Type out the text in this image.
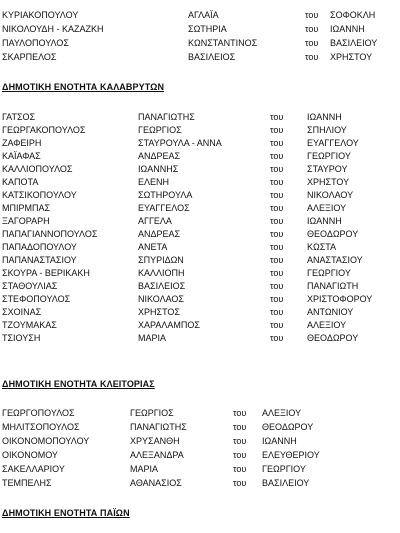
ΚΥΡΙΑΚΟΠΟΥΛΟΥ	ΑΓΛΑΪΑ	του ΣΟΦΟΚΛΗ
ΝΙΚΟΛΟΥΔΗ - ΚΑΖΑΖΚΗ	ΣΩΤΗΡΙΑ	του ΙΩΑΝΝΗ
ΠΑΥΛΟΠΟΥΛΟΣ	ΚΩΝΣΤΑΝΤΙΝΟΣ	του ΒΑΣΙΛΕΙΟΥ
ΣΚΑΡΠΕΛΟΣ	ΒΑΣΙΛΕΙΟΣ	του ΧΡΗΣΤΟΥ
ΔΗΜΟΤΙΚΗ ΕΝΟΤΗΤΑ ΚΑΛΑΒΡΥΤΩΝ
ΓΑΤΣΟΣ	ΠΑΝΑΓΙΩΤΗΣ	του	ΙΩΑΝΝΗ
ΓΕΩΡΓΑΚΟΠΟΥΛΟΣ	ΓΕΩΡΓΙΟΣ	του	ΣΠΗΛΙΟΥ
ΖΑΦΕΙΡΗ	ΣΤΑΥΡΟΥΛΑ - ΑΝΝΑ	του	ΕΥΑΓΓΕΛΟΥ
ΚΑΪΑΦΑΣ	ΑΝΔΡΕΑΣ	του	ΓΕΩΡΓΙΟΥ
ΚΑΛΛΙΟΠΟΥΛΟΣ	ΙΩΑΝΝΗΣ	του	ΣΤΑΥΡΟΥ
ΚΑΠΟΤΑ	ΕΛΕΝΗ	του	ΧΡΗΣΤΟΥ
ΚΑΤΣΙΚΟΠΟΥΛΟΥ	ΣΩΤΗΡΟΥΛΑ	του	ΝΙΚΟΛΑΟΥ
ΜΠΙΡΜΠΑΣ	ΕΥΑΓΓΕΛΟΣ	του	ΑΛΕΞΙΟΥ
ΞΑΓΟΡΑΡΗ	ΑΓΓΕΛΑ	του	ΙΩΑΝΝΗ
ΠΑΠΑΓΙΑΝΝΟΠΟΥΛΟΣ	ΑΝΔΡΕΑΣ	του	ΘΕΟΔΩΡΟΥ
ΠΑΠΑΔΟΠΟΥΛΟΥ	ΑΝΕΤΑ	του	ΚΩΣΤΑ
ΠΑΠΑΝΑΣΤΑΣΙΟΥ	ΣΠΥΡΙΔΩΝ	του	ΑΝΑΣΤΑΣΙΟΥ
ΣΚΟΥΡΑ - ΒΕΡΙΚΑΚΗ	ΚΑΛΛΙΟΠΗ	του	ΓΕΩΡΓΙΟΥ
ΣΤΑΘΟΥΛΙΑΣ	ΒΑΣΙΛΕΙΟΣ	του	ΠΑΝΑΓΙΩΤΗ
ΣΤΕΦΟΠΟΥΛΟΣ	ΝΙΚΟΛΑΟΣ	του	ΧΡΙΣΤΟΦΟΡΟΥ
ΣΧΟΙΝΑΣ	ΧΡΗΣΤΟΣ	του	ΑΝΤΩΝΙΟΥ
ΤΖΟΥΜΑΚΑΣ	ΧΑΡΑΛΑΜΠΟΣ	του	ΑΛΕΞΙΟΥ
ΤΣΙΟΥΣΗ	ΜΑΡΙΑ	του	ΘΕΟΔΩΡΟΥ
ΔΗΜΟΤΙΚΗ ΕΝΟΤΗΤΑ ΚΛΕΙΤΟΡΙΑΣ
ΓΕΩΡΓΟΠΟΥΛΟΣ	ΓΕΩΡΓΙΟΣ	του ΑΛΕΞΙΟΥ
ΜΗΛΙΤΣΟΠΟΥΛΟΣ	ΠΑΝΑΓΙΩΤΗΣ	του ΘΕΟΔΩΡΟΥ
ΟΙΚΟΝΟΜΟΠΟΥΛΟΥ	ΧΡΥΣΑΝΘΗ	του ΙΩΑΝΝΗ
ΟΙΚΟΝΟΜΟΥ	ΑΛΕΞΑΝΔΡΑ	του ΕΛΕΥΘΕΡΙΟΥ
ΣΑΚΕΛΛΑΡΙΟΥ	ΜΑΡΙΑ	του ΓΕΩΡΓΙΟΥ
ΤΕΜΠΕΛΗΣ	ΑΘΑΝΑΣΙΟΣ	του ΒΑΣΙΛΕΙΟΥ
ΔΗΜΟΤΙΚΗ ΕΝΟΤΗΤΑ ΠΑΪΩΝ
